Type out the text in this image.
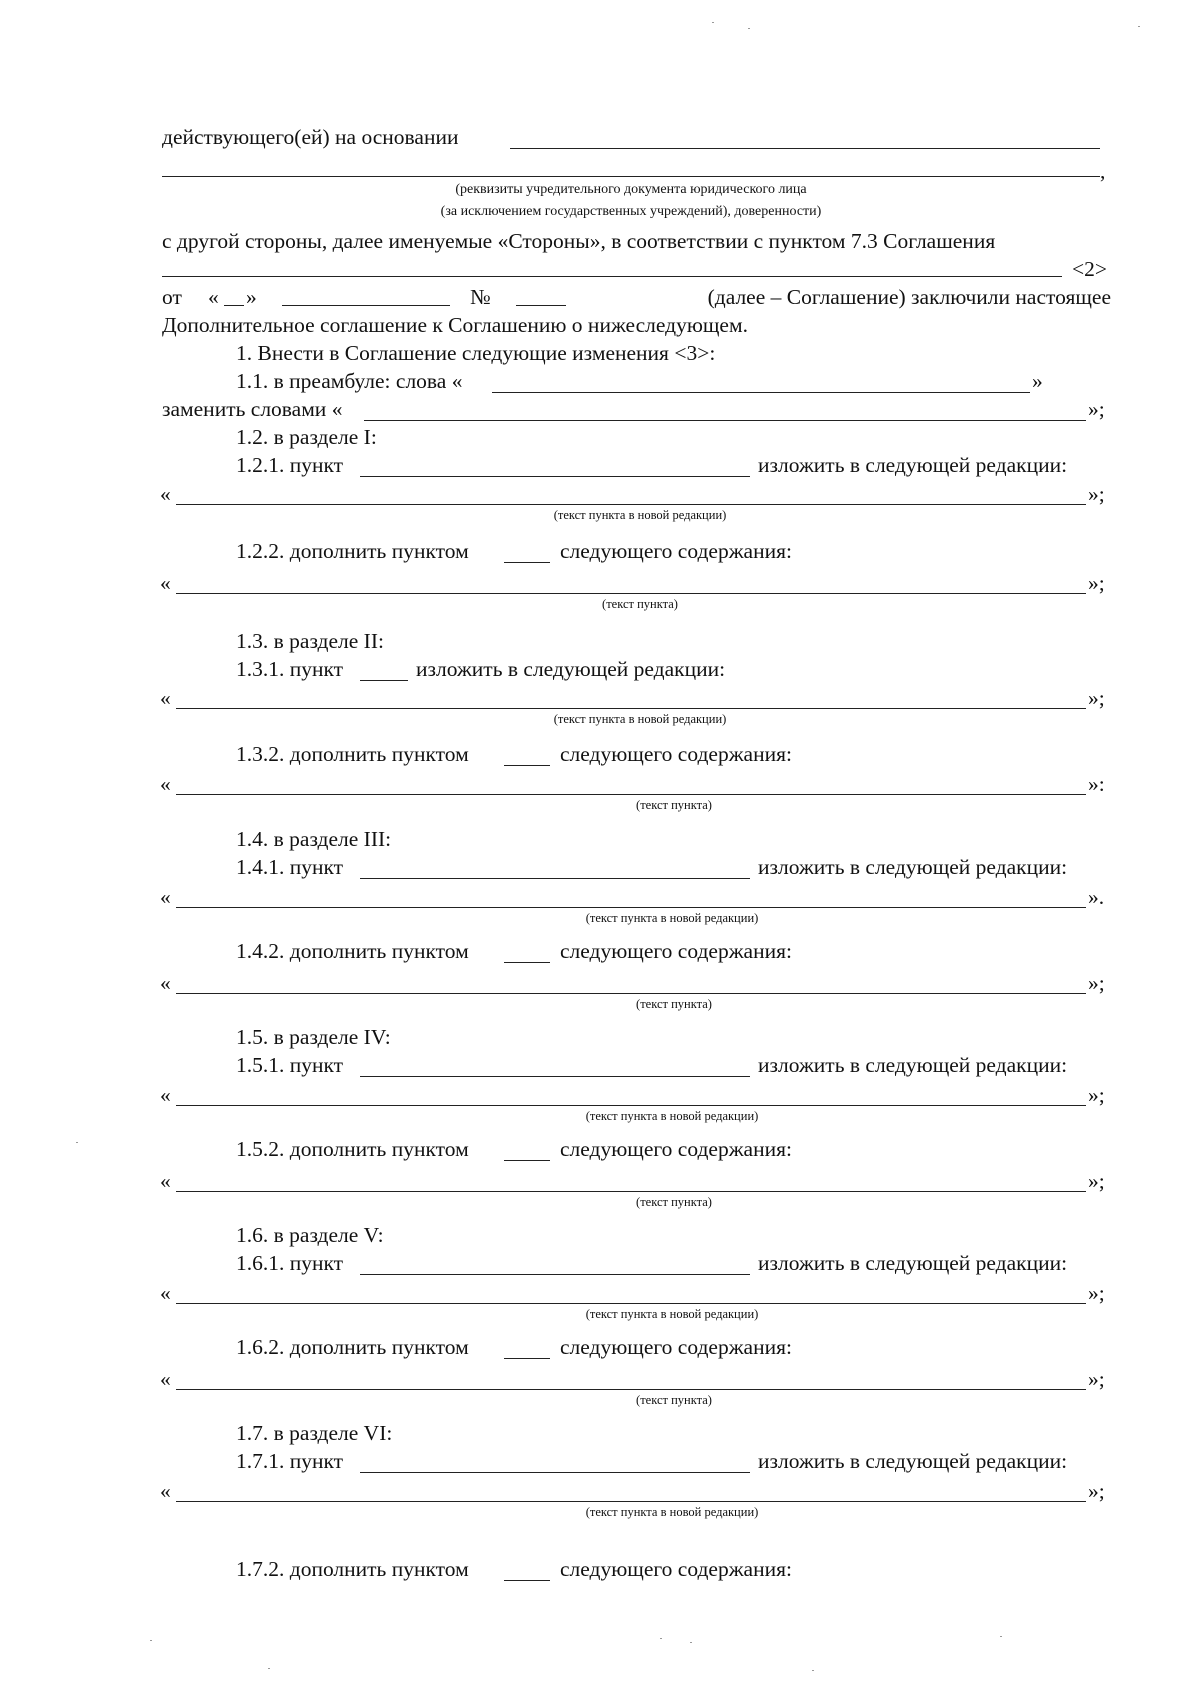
действующего(ей) на основании
,
(реквизиты учредительного документа юридического лица
(за исключением государственных учреждений), доверенности)
с другой стороны, далее именуемые «Стороны», в соответствии с пунктом 7.3 Соглашения
<2>
от « »	№	(далее – Соглашение) заключили настоящее
Дополнительное соглашение к Соглашению о нижеследующем.
1. Внести в Соглашение следующие изменения <3>:
1.1. в преамбуле: слова «	»
заменить словами «	»;
1.2. в разделе I:
1.2.1. пункт	изложить в следующей редакции:
«	»;
(текст пункта в новой редакции)
1.2.2. дополнить пунктом	следующего содержания:
«	»;
(текст пункта)
1.3. в разделе II:
1.3.1. пункт	изложить в следующей редакции:
«	»;
(текст пункта в новой редакции)
1.3.2. дополнить пунктом	следующего содержания:
«	»:
(текст пункта)
1.4. в разделе III:
1.4.1. пункт	изложить в следующей редакции:
«	».
(текст пункта в новой редакции)
1.4.2. дополнить пунктом	следующего содержания:
«	»;
(текст пункта)
1.5. в разделе IV:
1.5.1. пункт	изложить в следующей редакции:
«	»;
(текст пункта в новой редакции)
1.5.2. дополнить пунктом	следующего содержания:
«	»;
(текст пункта)
1.6. в разделе V:
1.6.1. пункт	изложить в следующей редакции:
«	»;
(текст пункта в новой редакции)
1.6.2. дополнить пунктом	следующего содержания:
«	»;
(текст пункта)
1.7. в разделе VI:
1.7.1. пункт	изложить в следующей редакции:
«	»;
(текст пункта в новой редакции)
1.7.2. дополнить пунктом	следующего содержания:
